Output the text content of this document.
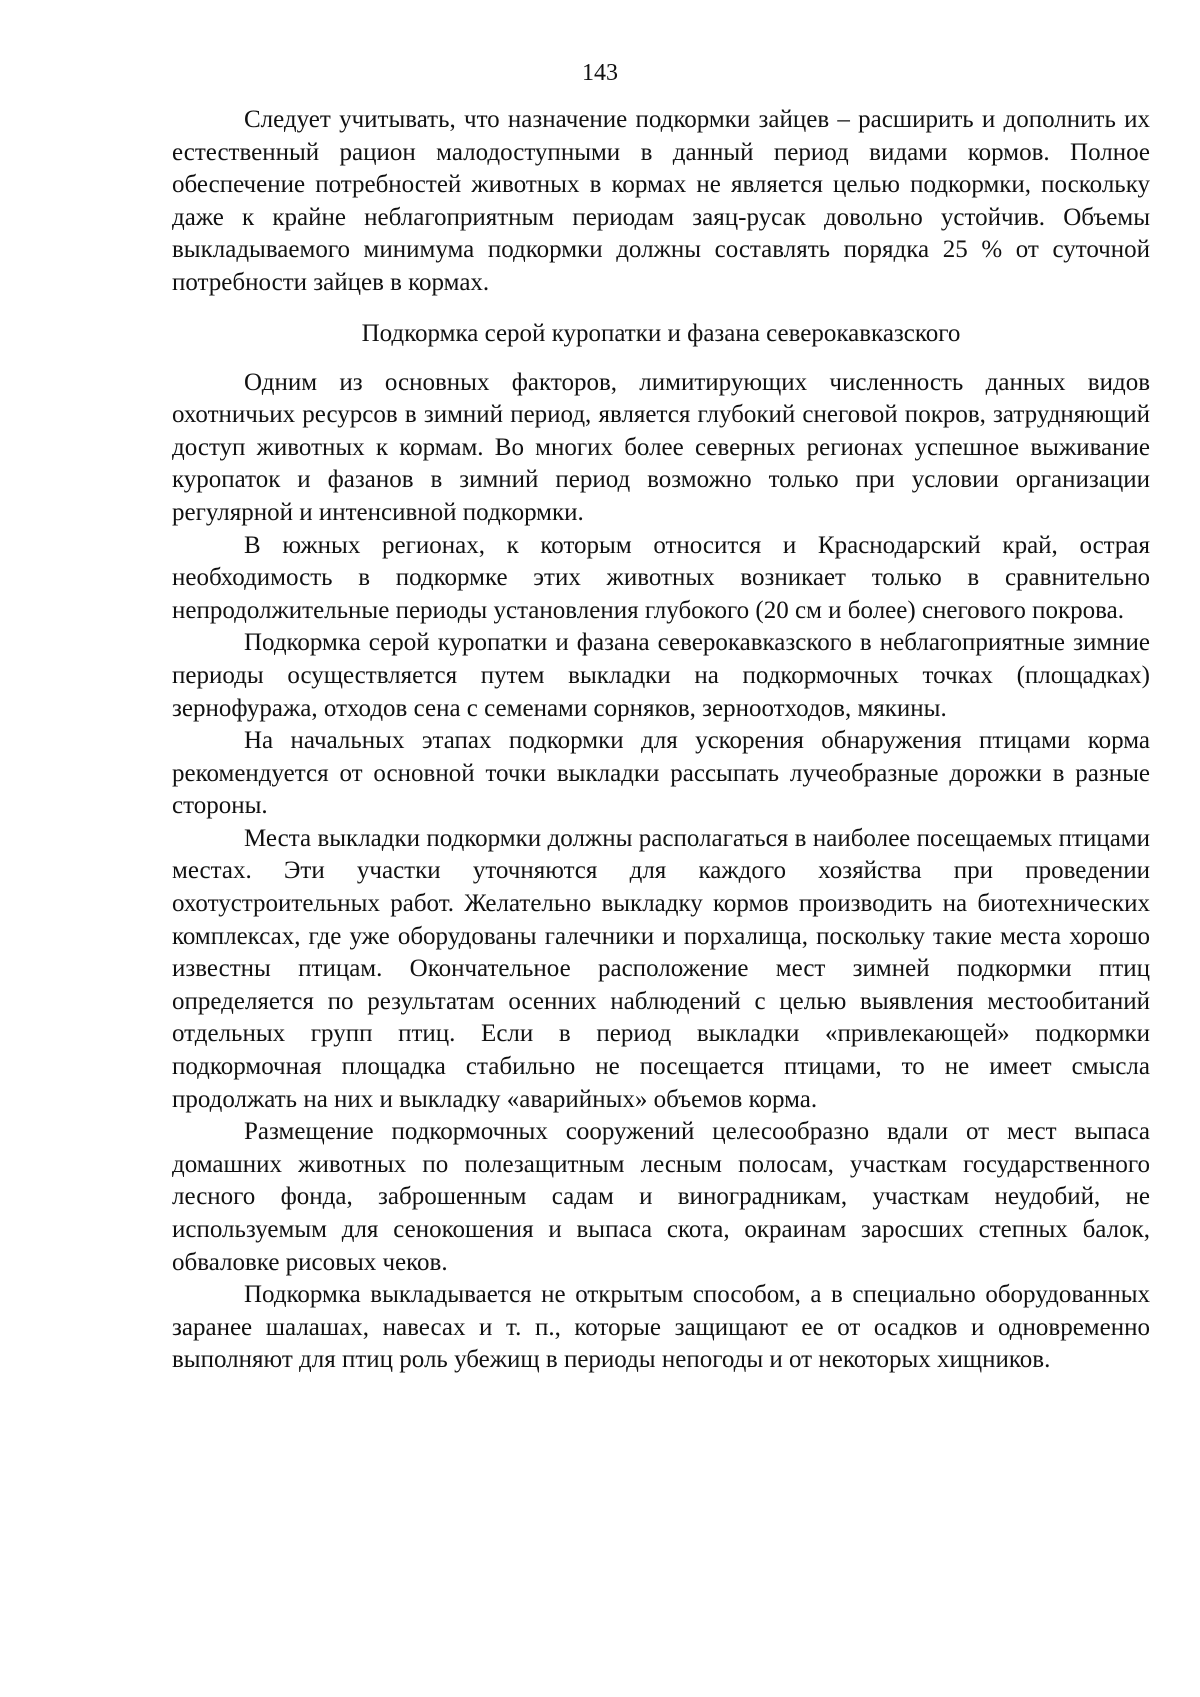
143

Следует учитывать, что назначение подкормки зайцев – расширить и дополнить их естественный рацион малодоступными в данный период видами кормов. Полное обеспечение потребностей животных в кормах не является целью подкормки, поскольку даже к крайне неблагоприятным периодам заяц-русак довольно устойчив. Объемы выкладываемого минимума подкормки должны составлять порядка 25 % от суточной потребности зайцев в кормах.

Подкормка серой куропатки и фазана северокавказского

Одним из основных факторов, лимитирующих численность данных видов охотничьих ресурсов в зимний период, является глубокий снеговой покров, затрудняющий доступ животных к кормам. Во многих более северных регионах успешное выживание куропаток и фазанов в зимний период возможно только при условии организации регулярной и интенсивной подкормки.

В южных регионах, к которым относится и Краснодарский край, острая необходимость в подкормке этих животных возникает только в сравнительно непродолжительные периоды установления глубокого (20 см и более) снегового покрова.

Подкормка серой куропатки и фазана северокавказского в неблагоприятные зимние периоды осуществляется путем выкладки на подкормочных точках (площадках) зернофуража, отходов сена с семенами сорняков, зерноотходов, мякины.

На начальных этапах подкормки для ускорения обнаружения птицами корма рекомендуется от основной точки выкладки рассыпать лучеобразные дорожки в разные стороны.

Места выкладки подкормки должны располагаться в наиболее посещаемых птицами местах. Эти участки уточняются для каждого хозяйства при проведении охотустроительных работ. Желательно выкладку кормов производить на биотехнических комплексах, где уже оборудованы галечники и порхалища, поскольку такие места хорошо известны птицам. Окончательное расположение мест зимней подкормки птиц определяется по результатам осенних наблюдений с целью выявления местообитаний отдельных групп птиц. Если в период выкладки «привлекающей» подкормки подкормочная площадка стабильно не посещается птицами, то не имеет смысла продолжать на них и выкладку «аварийных» объемов корма.

Размещение подкормочных сооружений целесообразно вдали от мест выпаса домашних животных по полезащитным лесным полосам, участкам государственного лесного фонда, заброшенным садам и виноградникам, участкам неудобий, не используемым для сенокошения и выпаса скота, окраинам заросших степных балок, обваловке рисовых чеков.

Подкормка выкладывается не открытым способом, а в специально оборудованных заранее шалашах, навесах и т. п., которые защищают ее от осадков и одновременно выполняют для птиц роль убежищ в периоды непогоды и от некоторых хищников.
